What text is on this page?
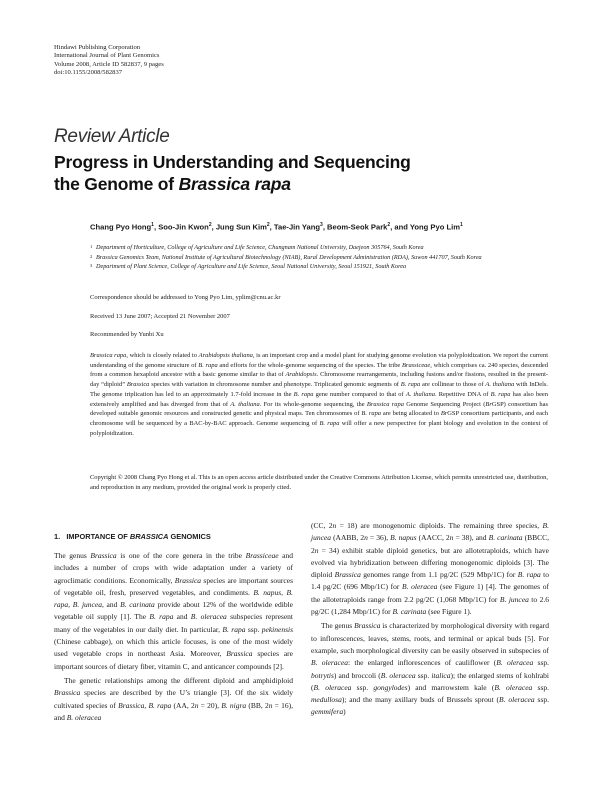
Hindawi Publishing Corporation
International Journal of Plant Genomics
Volume 2008, Article ID 582837, 9 pages
doi:10.1155/2008/582837
Review Article
Progress in Understanding and Sequencing
the Genome of Brassica rapa
Chang Pyo Hong$^1$, Soo-Jin Kwon$^2$, Jung Sun Kim$^2$, Tae-Jin Yang$^3$, Beom-Seok Park$^2$, and Yong Pyo Lim$^1$
1 Department of Horticulture, College of Agriculture and Life Science, Chungnam National University, Daejeon 305764, South Korea
2 Brassica Genomics Team, National Institute of Agricultural Biotechnology (NIAB), Rural Development Administration (RDA), Suwon 441707, South Korea
3 Department of Plant Science, College of Agriculture and Life Science, Seoul National University, Seoul 151921, South Korea
Correspondence should be addressed to Yong Pyo Lim, yplim@cnu.ac.kr
Received 13 June 2007; Accepted 21 November 2007
Recommended by Yunbi Xu
Brassica rapa, which is closely related to Arabidopsis thaliana, is an important crop and a model plant for studying genome evolution via polyploidization. We report the current understanding of the genome structure of B. rapa and efforts for the whole-genome sequencing of the species. The tribe Brassiceae, which comprises ca. 240 species, descended from a common hexaploid ancestor with a basic genome similar to that of Arabidopsis. Chromosome rearrangements, including fusions and/or fissions, resulted in the present-day “diploid” Brassica species with variation in chromosome number and phenotype. Triplicated genomic segments of B. rapa are collinear to those of A. thaliana with InDels. The genome triplication has led to an approximately 1.7-fold increase in the B. rapa gene number compared to that of A. thaliana. Repetitive DNA of B. rapa has also been extensively amplified and has diverged from that of A. thaliana. For its whole-genome sequencing, the Brassica rapa Genome Sequencing Project (BrGSP) consortium has developed suitable genomic resources and constructed genetic and physical maps. Ten chromosomes of B. rapa are being allocated to BrGSP consortium participants, and each chromosome will be sequenced by a BAC-by-BAC approach. Genome sequencing of B. rapa will offer a new perspective for plant biology and evolution in the context of polyploidization.
Copyright © 2008 Chang Pyo Hong et al. This is an open access article distributed under the Creative Commons Attribution License, which permits unrestricted use, distribution, and reproduction in any medium, provided the original work is properly cited.
1. IMPORTANCE OF BRASSICA GENOMICS

The genus Brassica is one of the core genera in the tribe Brassiceae and includes a number of crops with wide adaptation under a variety of agroclimatic conditions. Economically, Brassica species are important sources of vegetable oil, fresh, preserved vegetables, and condiments. B. napus, B. rapa, B. juncea, and B. carinata provide about 12% of the worldwide edible vegetable oil supply [1]. The B. rapa and B. oleracea subspecies represent many of the vegetables in our daily diet. In particular, B. rapa ssp. pekinensis (Chinese cabbage), on which this article focuses, is one of the most widely used vegetable crops in northeast Asia. Moreover, Brassica species are important sources of dietary fiber, vitamin C, and anticancer compounds [2].

The genetic relationships among the different diploid and amphidiploid Brassica species are described by the U’s triangle [3]. Of the six widely cultivated species of Brassica, B. rapa (AA, 2n = 20), B. nigra (BB, 2n = 16), and B. oleracea

(CC, 2n = 18) are monogenomic diploids. The remaining three species, B. juncea (AABB, 2n = 36), B. napus (AACC, 2n = 38), and B. carinata (BBCC, 2n = 34) exhibit stable diploid genetics, but are allotetraploids, which have evolved via hybridization between differing monogenomic diploids [3]. The diploid Brassica genomes range from 1.1 pg/2C (529 Mbp/1C) for B. rapa to 1.4 pg/2C (696 Mbp/1C) for B. oleracea (see Figure 1) [4]. The genomes of the allotetraploids range from 2.2 pg/2C (1,068 Mbp/1C) for B. juncea to 2.6 pg/2C (1,284 Mbp/1C) for B. carinata (see Figure 1).

The genus Brassica is characterized by morphological diversity with regard to inflorescences, leaves, stems, roots, and terminal or apical buds [5]. For example, such morphological diversity can be easily observed in subspecies of B. oleracea: the enlarged inflorescences of cauliflower (B. oleracea ssp. botrytis) and broccoli (B. oleracea ssp. italica); the enlarged stems of kohlrabi (B. oleracea ssp. gongylodes) and marrowstem kale (B. oleracea ssp. medullosa); and the many axillary buds of Brussels sprout (B. oleracea ssp. gemmifera)
